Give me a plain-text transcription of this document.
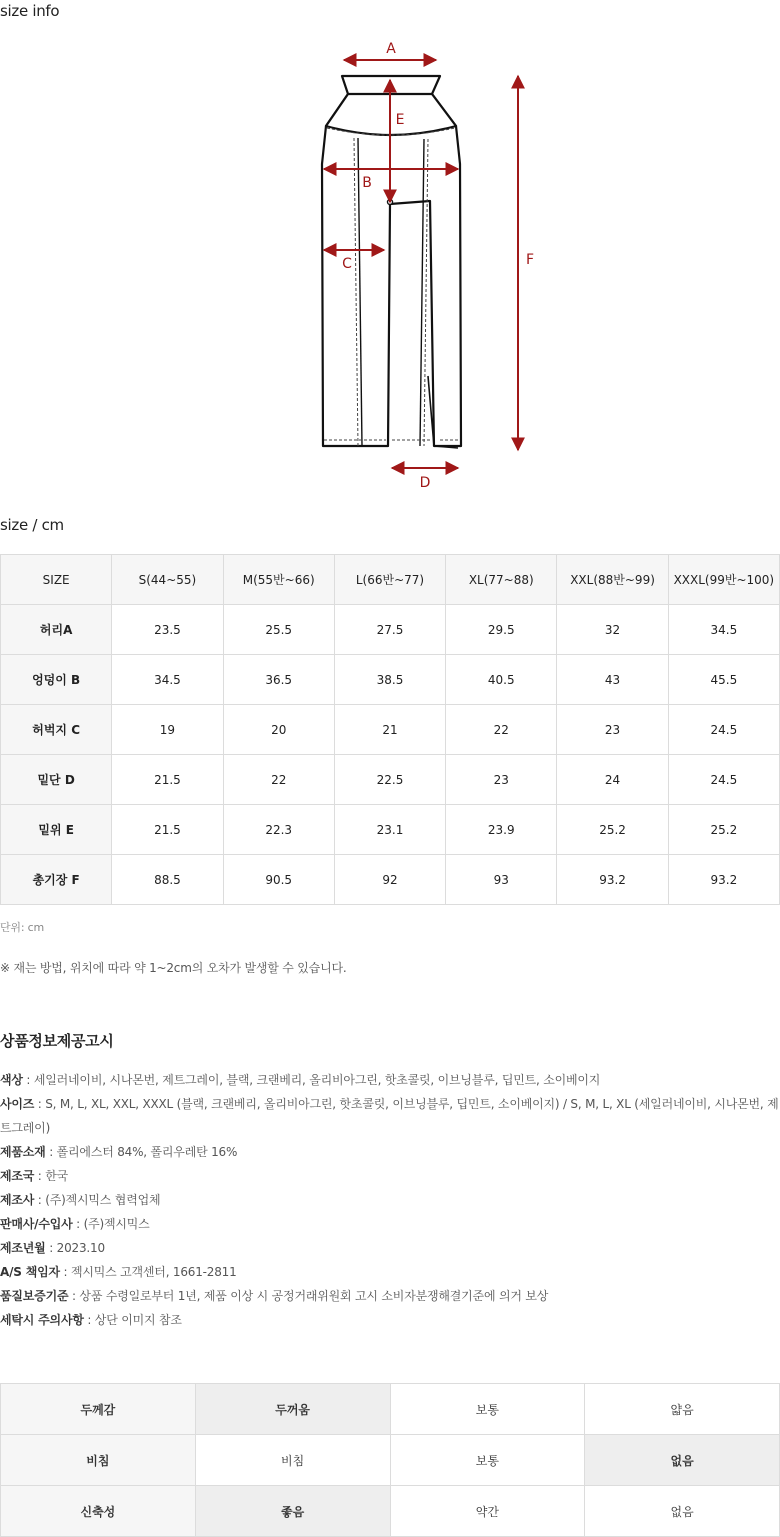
size info
A
E
B
C	F
D
size / cm
SIZE	S(44~55)	M(55반~66)	L(66반~77)	XL(77~88)	XXL(88반~99)	XXXL(99반~100)
허리A	23.5	25.5	27.5	29.5	32	34.5
엉덩이 B	34.5	36.5	38.5	40.5	43	45.5
허벅지 C	19	20	21	22	23	24.5
밑단 D	21.5	22	22.5	23	24	24.5
밑위 E	21.5	22.3	23.1	23.9	25.2	25.2
총기장 F	88.5	90.5	92	93	93.2	93.2
단위: cm
※ 재는 방법, 위치에 따라 약 1~2cm의 오차가 발생할 수 있습니다.
상품정보제공고시
색상 : 세일러네이비, 시나몬번, 제트그레이, 블랙, 크랜베리, 올리비아그린, 핫초콜릿, 이브닝블루, 딥민트, 소이베이지
사이즈 : S, M, L, XL, XXL, XXXL (블랙, 크랜베리, 올리비아그린, 핫초콜릿, 이브닝블루, 딥민트, 소이베이지) / S, M, L, XL (세일러네이비, 시나몬번, 제트그레이)
제품소재 : 폴리에스터 84%, 폴리우레탄 16%
제조국 : 한국
제조사 : (주)젝시믹스 협력업체
판매사/수입사 : (주)젝시믹스
제조년월 : 2023.10
A/S 책임자 : 젝시믹스 고객센터, 1661-2811
품질보증기준 : 상품 수령일로부터 1년, 제품 이상 시 공정거래위원회 고시 소비자분쟁해결기준에 의거 보상
세탁시 주의사항 : 상단 이미지 참조
두께감	두꺼움	보통	얇음
비침	비침	보통	없음
신축성	좋음	약간	없음
